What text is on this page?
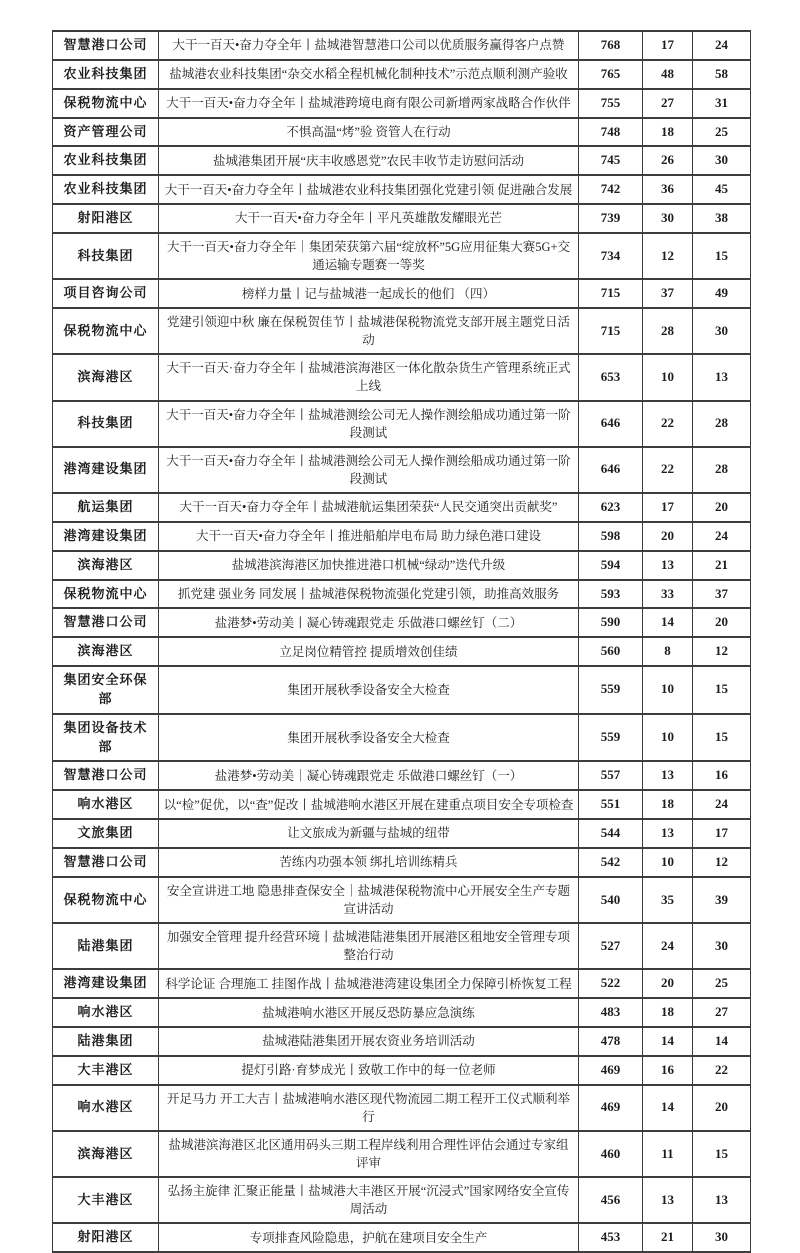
智慧港口公司	大干一百天•奋力夺全年丨盐城港智慧港口公司以优质服务赢得客户点赞	768	17	24
农业科技集团	盐城港农业科技集团“杂交水稻全程机械化制种技术”示范点顺利测产验收	765	48	58
保税物流中心	大干一百天•奋力夺全年丨盐城港跨境电商有限公司新增两家战略合作伙伴	755	27	31
资产管理公司	不惧高温“烤”验 资管人在行动	748	18	25
农业科技集团	盐城港集团开展“庆丰收感恩党”农民丰收节走访慰问活动	745	26	30
农业科技集团	大干一百天•奋力夺全年丨盐城港农业科技集团强化党建引领 促进融合发展	742	36	45
射阳港区	大干一百天•奋力夺全年丨平凡英雄散发耀眼光芒	739	30	38
科技集团	大干一百天•奋力夺全年｜集团荣获第六届“绽放杯”5G应用征集大赛5G+交通运输专题赛一等奖	734	12	15
项目咨询公司	榜样力量丨记与盐城港一起成长的他们 （四）	715	37	49
保税物流中心	党建引领迎中秋 廉在保税贺佳节丨盐城港保税物流党支部开展主题党日活动	715	28	30
滨海港区	大干一百天·奋力夺全年丨盐城港滨海港区一体化散杂货生产管理系统正式上线	653	10	13
科技集团	大干一百天•奋力夺全年丨盐城港测绘公司无人操作测绘船成功通过第一阶段测试	646	22	28
港湾建设集团	大干一百天•奋力夺全年丨盐城港测绘公司无人操作测绘船成功通过第一阶段测试	646	22	28
航运集团	大干一百天•奋力夺全年丨盐城港航运集团荣获“人民交通突出贡献奖”	623	17	20
港湾建设集团	大干一百天•奋力夺全年丨推进船舶岸电布局 助力绿色港口建设	598	20	24
滨海港区	盐城港滨海港区加快推进港口机械“绿动”迭代升级	594	13	21
保税物流中心	抓党建 强业务 同发展丨盐城港保税物流强化党建引领，助推高效服务	593	33	37
智慧港口公司	盐港梦•劳动美丨凝心铸魂跟党走 乐做港口螺丝钉（二）	590	14	20
滨海港区	立足岗位精管控 提质增效创佳绩	560	8	12
集团安全环保部	集团开展秋季设备安全大检查	559	10	15
集团设备技术部	集团开展秋季设备安全大检查	559	10	15
智慧港口公司	盐港梦•劳动美｜凝心铸魂跟党走 乐做港口螺丝钉（一）	557	13	16
响水港区	以“检”促优，以“查”促改丨盐城港响水港区开展在建重点项目安全专项检查	551	18	24
文旅集团	让文旅成为新疆与盐城的纽带	544	13	17
智慧港口公司	苦练内功强本领 绑扎培训练精兵	542	10	12
保税物流中心	安全宣讲进工地 隐患排查保安全｜盐城港保税物流中心开展安全生产专题宣讲活动	540	35	39
陆港集团	加强安全管理 提升经营环境丨盐城港陆港集团开展港区租地安全管理专项整治行动	527	24	30
港湾建设集团	科学论证 合理施工 挂图作战丨盐城港港湾建设集团全力保障引桥恢复工程	522	20	25
响水港区	盐城港响水港区开展反恐防暴应急演练	483	18	27
陆港集团	盐城港陆港集团开展农资业务培训活动	478	14	14
大丰港区	提灯引路·育梦成光丨致敬工作中的每一位老师	469	16	22
响水港区	开足马力 开工大吉丨盐城港响水港区现代物流园二期工程开工仪式顺利举行	469	14	20
滨海港区	盐城港滨海港区北区通用码头三期工程岸线利用合理性评估会通过专家组评审	460	11	15
大丰港区	弘扬主旋律 汇聚正能量丨盐城港大丰港区开展“沉浸式”国家网络安全宣传周活动	456	13	13
射阳港区	专项排查风险隐患，护航在建项目安全生产	453	21	30
